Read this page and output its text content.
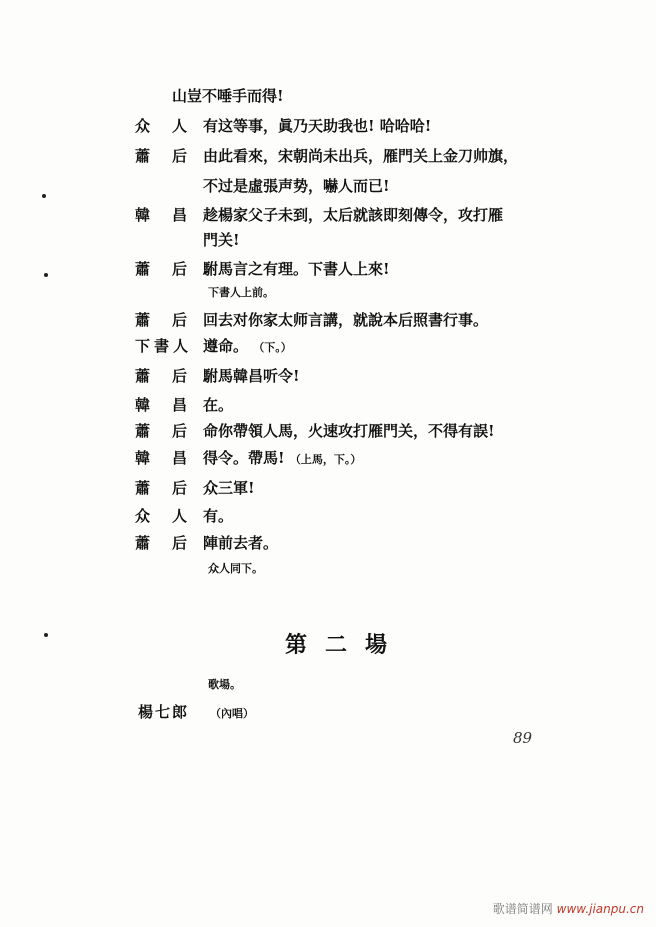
山豈不唾手而得!
众人
有这等事，眞乃天助我也! 哈哈哈!
蕭后
由此看來，宋朝尚未出兵，雁門关上金刀帅旗，
不过是虛張声势，嚇人而已!
韓昌
趁楊家父子未到，太后就該即刻傳令，攻打雁
門关!
蕭后
駙馬言之有理。下書人上來!
下書人上前。
蕭后
回去对你家太师言講，就說本后照書行事。
下書人 遵命。 （下。）
蕭后
駙馬韓昌听令!
韓昌
在。
蕭后
命你帶領人馬，火速攻打雁門关，不得有誤!
韓昌
得令。帶馬! （上馬，下。）
蕭后
众三軍!
众人
有。
蕭后
陣前去者。
众人同下。
第二場
歌場。
楊七郎 （內唱）
89
歌谱简谱网 www.jianpu.cn
